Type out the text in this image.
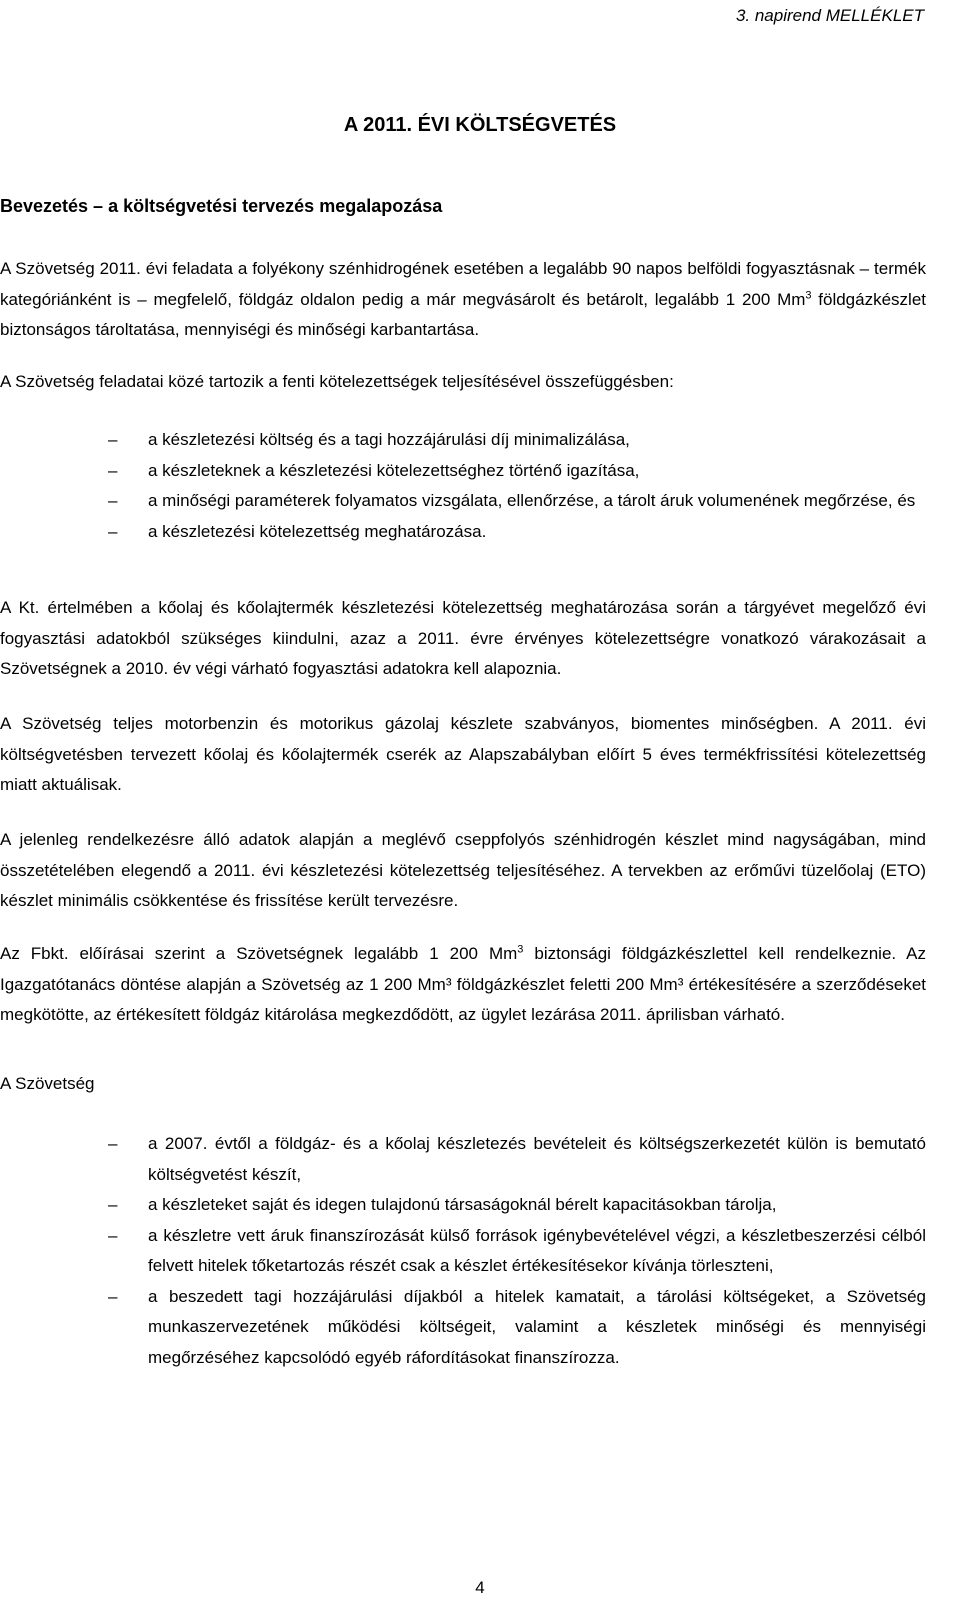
3. napirend MELLÉKLET
A 2011. ÉVI KÖLTSÉGVETÉS
Bevezetés – a költségvetési tervezés megalapozása

A Szövetség 2011. évi feladata a folyékony szénhidrogének esetében a legalább 90 napos belföldi fogyasztásnak – termék kategóriánként is – megfelelő, földgáz oldalon pedig a már megvásárolt és betárolt, legalább 1 200 Mm$^3$ földgázkészlet biztonságos tároltatása, mennyiségi és minőségi karbantartása.

A Szövetség feladatai közé tartozik a fenti kötelezettségek teljesítésével összefüggésben:

– a készletezési költség és a tagi hozzájárulási díj minimalizálása,
– a készleteknek a készletezési kötelezettséghez történő igazítása,
– a minőségi paraméterek folyamatos vizsgálata, ellenőrzése, a tárolt áruk volumenének megőrzése, és
– a készletezési kötelezettség meghatározása.

A Kt. értelmében a kőolaj és kőolajtermék készletezési kötelezettség meghatározása során a tárgyévet megelőző évi fogyasztási adatokból szükséges kiindulni, azaz a 2011. évre érvényes kötelezettségre vonatkozó várakozásait a Szövetségnek a 2010. év végi várható fogyasztási adatokra kell alapoznia.

A Szövetség teljes motorbenzin és motorikus gázolaj készlete szabványos, biomentes minőségben. A 2011. évi költségvetésben tervezett kőolaj és kőolajtermék cserék az Alapszabályban előírt 5 éves termékfrissítési kötelezettség miatt aktuálisak.

A jelenleg rendelkezésre álló adatok alapján a meglévő cseppfolyós szénhidrogén készlet mind nagyságában, mind összetételében elegendő a 2011. évi készletezési kötelezettség teljesítéséhez. A tervekben az erőművi tüzelőolaj (ETO) készlet minimális csökkentése és frissítése került tervezésre.

Az Fbkt. előírásai szerint a Szövetségnek legalább 1 200 Mm$^3$ biztonsági földgázkészlettel kell rendelkeznie. Az Igazgatótanács döntése alapján a Szövetség az 1 200 Mm³ földgázkészlet feletti 200 Mm³ értékesítésére a szerződéseket megkötötte, az értékesített földgáz kitárolása megkezdődött, az ügylet lezárása 2011. áprilisban várható.

A Szövetség

– a 2007. évtől a földgáz- és a kőolaj készletezés bevételeit és költségszerkezetét külön is bemutató költségvetést készít,
– a készleteket saját és idegen tulajdonú társaságoknál bérelt kapacitásokban tárolja,
– a készletre vett áruk finanszírozását külső források igénybevételével végzi, a készletbeszerzési célból felvett hitelek tőketartozás részét csak a készlet értékesítésekor kívánja törleszteni,
– a beszedett tagi hozzájárulási díjakból a hitelek kamatait, a tárolási költségeket, a Szövetség munkaszervezetének működési költségeit, valamint a készletek minőségi és mennyiségi megőrzéséhez kapcsolódó egyéb ráfordításokat finanszírozza.
4
